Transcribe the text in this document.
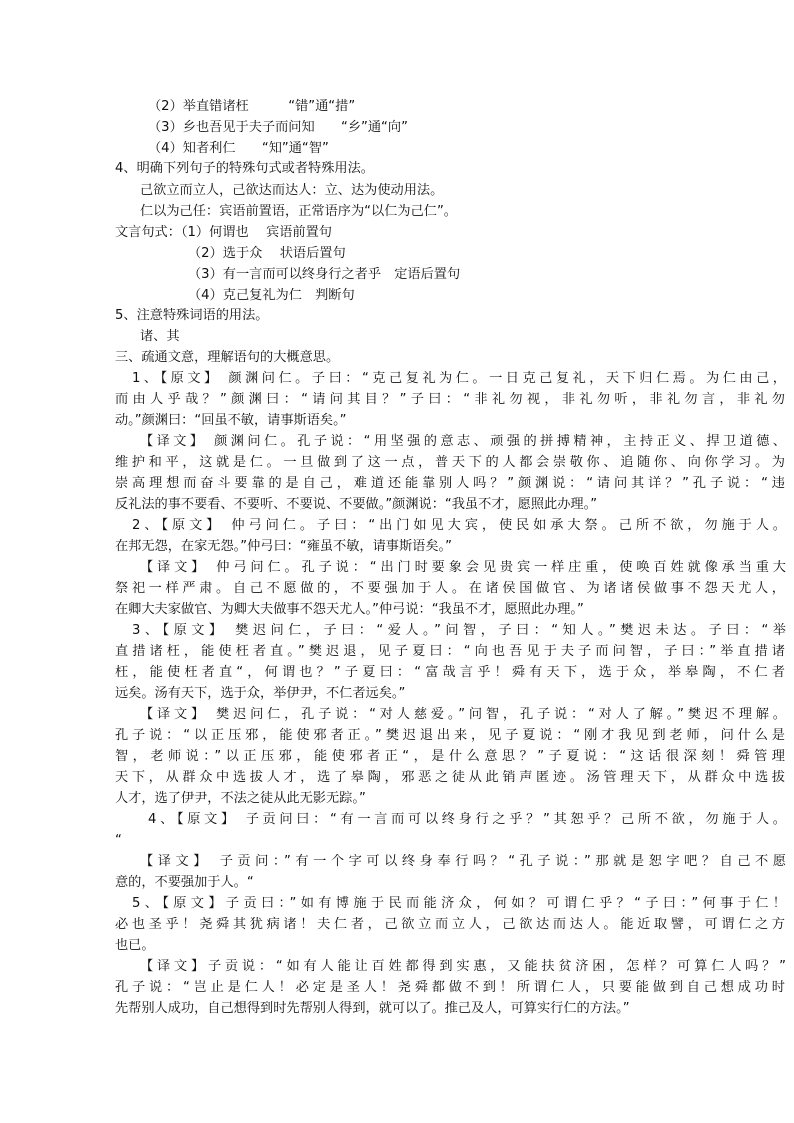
（2）举直错诸枉　　　“错”通“措”
（3）乡也吾见于夫子而问知　　“乡”通“向”
（4）知者利仁　　“知”通“智”
4、明确下列句子的特殊句式或者特殊用法。
己欲立而立人，己欲达而达人：立、达为使动用法。
仁以为己任：宾语前置语，正常语序为“以仁为己仁”。
文言句式：（1）何谓也　 宾语前置句
（2）选于众　 状语后置句
（3）有一言而可以终身行之者乎　定语后置句
（4）克己复礼为仁　判断句
5、注意特殊词语的用法。
诸、其
三、疏通文意，理解语句的大概意思。
1、【原文】 颜渊问仁。子曰：“克己复礼为仁。一日克己复礼，天下归仁焉。为仁由己，
而由人乎哉？”颜渊曰：“请问其目？”子曰：“非礼勿视，非礼勿听，非礼勿言，非礼勿
动。”颜渊曰：“回虽不敏，请事斯语矣。”
【译文】 颜渊问仁。孔子说：“用坚强的意志、顽强的拼搏精神，主持正义、捍卫道德、
维护和平，这就是仁。一旦做到了这一点，普天下的人都会崇敬你、追随你、向你学习。为
崇高理想而奋斗要靠的是自己，难道还能靠别人吗？”颜渊说：“请问其详？”孔子说：“违
反礼法的事不要看、不要听、不要说、不要做。”颜渊说：“我虽不才，愿照此办理。”
2、【原文】 仲弓问仁。子曰：“出门如见大宾，使民如承大祭。己所不欲，勿施于人。
在邦无怨，在家无怨。”仲弓曰：“雍虽不敏，请事斯语矣。”
【译文】 仲弓问仁。孔子说：“出门时要象会见贵宾一样庄重，使唤百姓就像承当重大
祭祀一样严肃。自己不愿做的，不要强加于人。在诸侯国做官、为诸诸侯做事不怨天尤人，
在卿大夫家做官、为卿大夫做事不怨天尤人。”仲弓说：“我虽不才，愿照此办理。”
3、【原文】 樊迟问仁，子曰：“爱人。”问智，子曰：“知人。”樊迟未达。子曰：“举
直措诸枉，能使枉者直。”樊迟退，见子夏曰：“向也吾见于夫子而问智，子曰：”举直措诸
枉，能使枉者直“，何谓也？”子夏曰：“富哉言乎！舜有天下，选于众，举皋陶，不仁者
远矣。汤有天下，选于众，举伊尹，不仁者远矣。”
【译文】 樊迟问仁，孔子说：“对人慈爱。”问智，孔子说：“对人了解。”樊迟不理解。
孔子说：“以正压邪，能使邪者正。”樊迟退出来，见子夏说：“刚才我见到老师，问什么是
智，老师说：”以正压邪，能使邪者正“，是什么意思？”子夏说：“这话很深刻！舜管理
天下，从群众中选拔人才，选了皋陶，邪恶之徒从此销声匿迹。汤管理天下，从群众中选拔
人才，选了伊尹，不法之徒从此无影无踪。”
4、【原文】 子贡问曰：“有一言而可以终身行之乎？”其恕乎？己所不欲，勿施于人。
“
【译文】 子贡问：”有一个字可以终身奉行吗？“孔子说：”那就是恕字吧？自己不愿
意的，不要强加于人。“
5、【原文】子贡曰：”如有博施于民而能济众，何如？可谓仁乎？“子曰：”何事于仁！
必也圣乎！尧舜其犹病诸！夫仁者，己欲立而立人，己欲达而达人。能近取譬，可谓仁之方
也已。
【译文】子贡说：“如有人能让百姓都得到实惠，又能扶贫济困，怎样？可算仁人吗？”
孔子说：“岂止是仁人！必定是圣人！尧舜都做不到！所谓仁人，只要能做到自己想成功时
先帮别人成功，自己想得到时先帮别人得到，就可以了。推己及人，可算实行仁的方法。”
